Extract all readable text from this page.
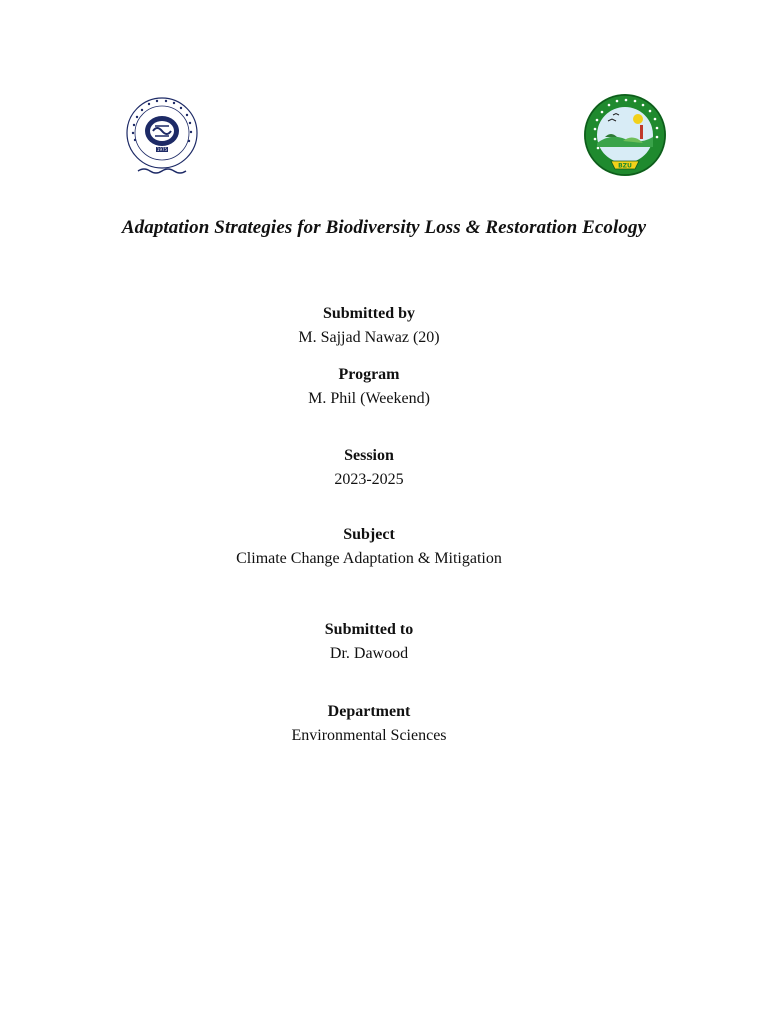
1975
BZU
Adaptation Strategies for Biodiversity Loss & Restoration Ecology
Submitted by
M. Sajjad Nawaz (20)
Program
M. Phil (Weekend)
Session
2023-2025
Subject
Climate Change Adaptation & Mitigation
Submitted to
Dr. Dawood
Department
Environmental Sciences
